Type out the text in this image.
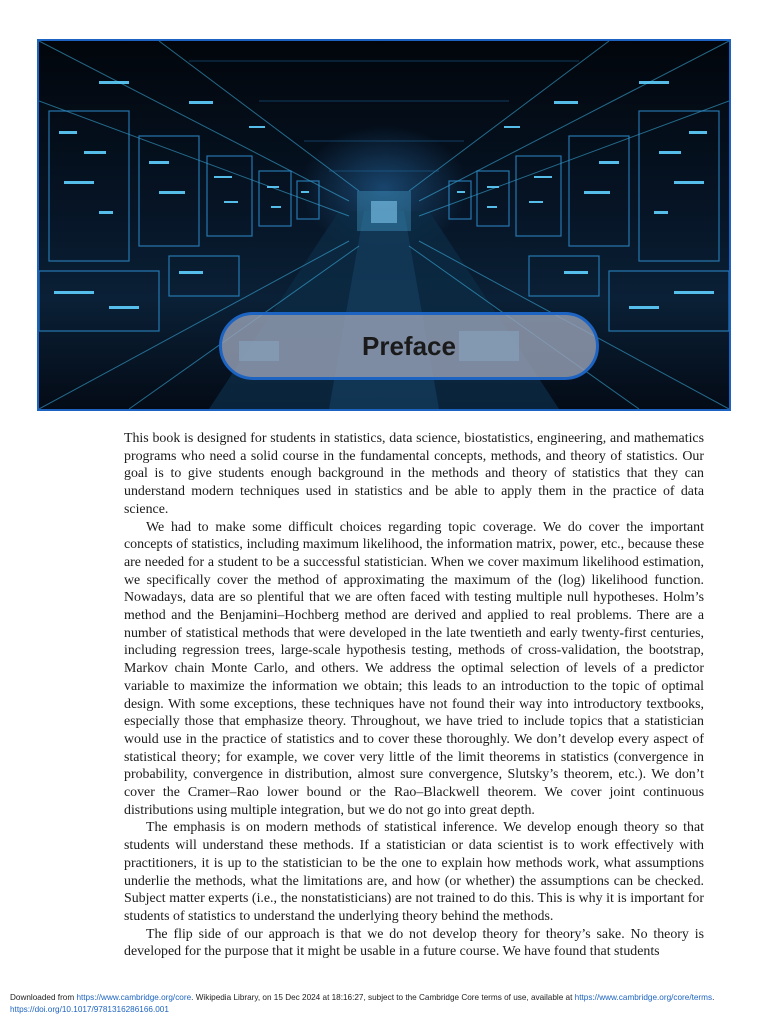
Preface

This book is designed for students in statistics, data science, biostatistics, engineering, and mathematics programs who need a solid course in the fundamental concepts, methods, and theory of statistics. Our goal is to give students enough background in the methods and theory of statistics that they can understand modern techniques used in statistics and be able to apply them in the practice of data science.

We had to make some difficult choices regarding topic coverage. We do cover the important concepts of statistics, including maximum likelihood, the information matrix, power, etc., because these are needed for a student to be a successful statistician. When we cover maximum likelihood estimation, we specifically cover the method of approximating the maximum of the (log) likelihood function. Nowadays, data are so plentiful that we are often faced with testing multiple null hypotheses. Holm’s method and the Benjamini–Hochberg method are derived and applied to real problems. There are a number of statistical methods that were developed in the late twentieth and early twenty-first centuries, including regression trees, large-scale hypothesis testing, methods of cross-validation, the bootstrap, Markov chain Monte Carlo, and others. We address the optimal selection of levels of a predictor variable to maximize the information we obtain; this leads to an introduction to the topic of optimal design. With some exceptions, these techniques have not found their way into introductory textbooks, especially those that emphasize theory. Throughout, we have tried to include topics that a statistician would use in the practice of statistics and to cover these thoroughly. We don’t develop every aspect of statistical theory; for example, we cover very little of the limit theorems in statistics (convergence in probability, convergence in distribution, almost sure convergence, Slutsky’s theorem, etc.). We don’t cover the Cramer–Rao lower bound or the Rao–Blackwell theorem. We cover joint continuous distributions using multiple integration, but we do not go into great depth.

The emphasis is on modern methods of statistical inference. We develop enough theory so that students will understand these methods. If a statistician or data scientist is to work effectively with practitioners, it is up to the statistician to be the one to explain how methods work, what assumptions underlie the methods, what the limitations are, and how (or whether) the assumptions can be checked. Subject matter experts (i.e., the nonstatisticians) are not trained to do this. This is why it is important for students of statistics to understand the underlying theory behind the methods.

The flip side of our approach is that we do not develop theory for theory’s sake. No theory is developed for the purpose that it might be usable in a future course. We have found that students

Downloaded from https://www.cambridge.org/core. Wikipedia Library, on 15 Dec 2024 at 18:16:27, subject to the Cambridge Core terms of use, available at https://www.cambridge.org/core/terms.
https://doi.org/10.1017/9781316286166.001
